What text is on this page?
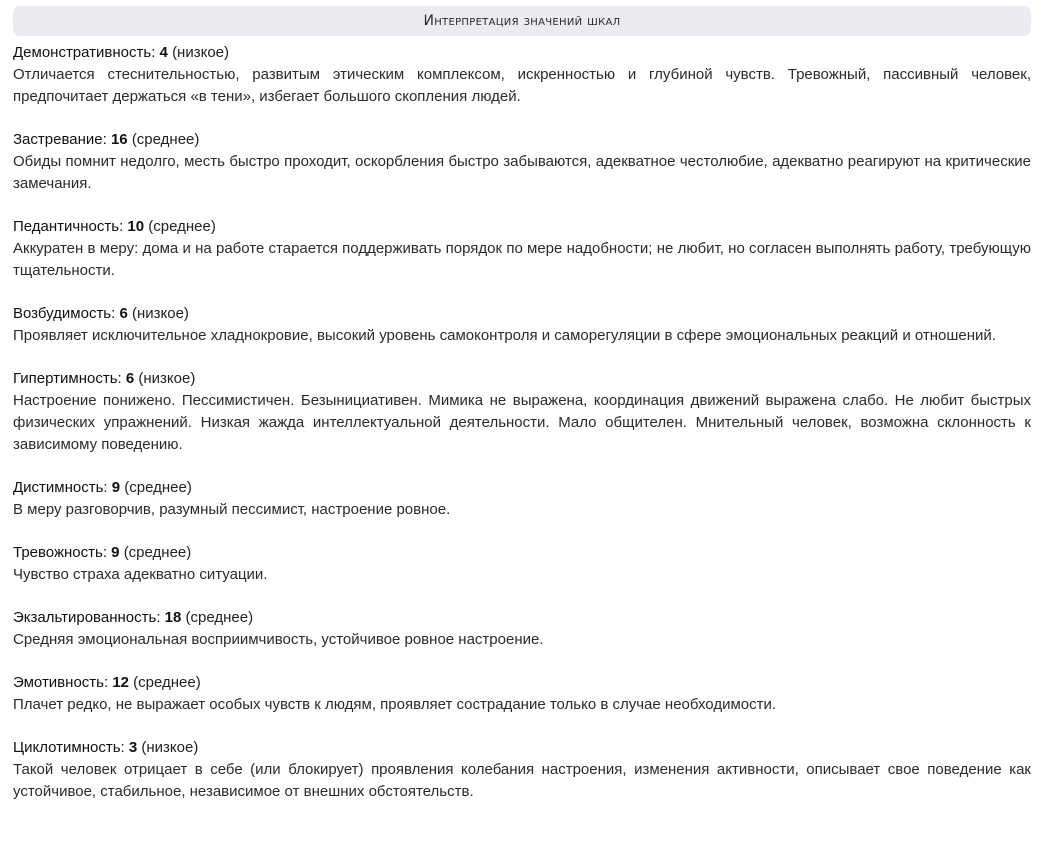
Интерпретация значений шкал
Демонстративность: 4 (низкое)
Отличается стеснительностью, развитым этическим комплексом, искренностью и глубиной чувств. Тревожный, пассивный человек, предпочитает держаться «в тени», избегает большого скопления людей.
Застревание: 16 (среднее)
Обиды помнит недолго, месть быстро проходит, оскорбления быстро забываются, адекватное честолюбие, адекватно реагируют на критические замечания.
Педантичность: 10 (среднее)
Аккуратен в меру: дома и на работе старается поддерживать порядок по мере надобности; не любит, но согласен выполнять работу, требующую тщательности.
Возбудимость: 6 (низкое)
Проявляет исключительное хладнокровие, высокий уровень самоконтроля и саморегуляции в сфере эмоциональных реакций и отношений.
Гипертимность: 6 (низкое)
Настроение понижено. Пессимистичен. Безынициативен. Мимика не выражена, координация движений выражена слабо. Не любит быстрых физических упражнений. Низкая жажда интеллектуальной деятельности. Мало общителен. Мнительный человек, возможна склонность к зависимому поведению.
Дистимность: 9 (среднее)
В меру разговорчив, разумный пессимист, настроение ровное.
Тревожность: 9 (среднее)
Чувство страха адекватно ситуации.
Экзальтированность: 18 (среднее)
Средняя эмоциональная восприимчивость, устойчивое ровное настроение.
Эмотивность: 12 (среднее)
Плачет редко, не выражает особых чувств к людям, проявляет сострадание только в случае необходимости.
Циклотимность: 3 (низкое)
Такой человек отрицает в себе (или блокирует) проявления колебания настроения, изменения активности, описывает свое поведение как устойчивое, стабильное, независимое от внешних обстоятельств.
